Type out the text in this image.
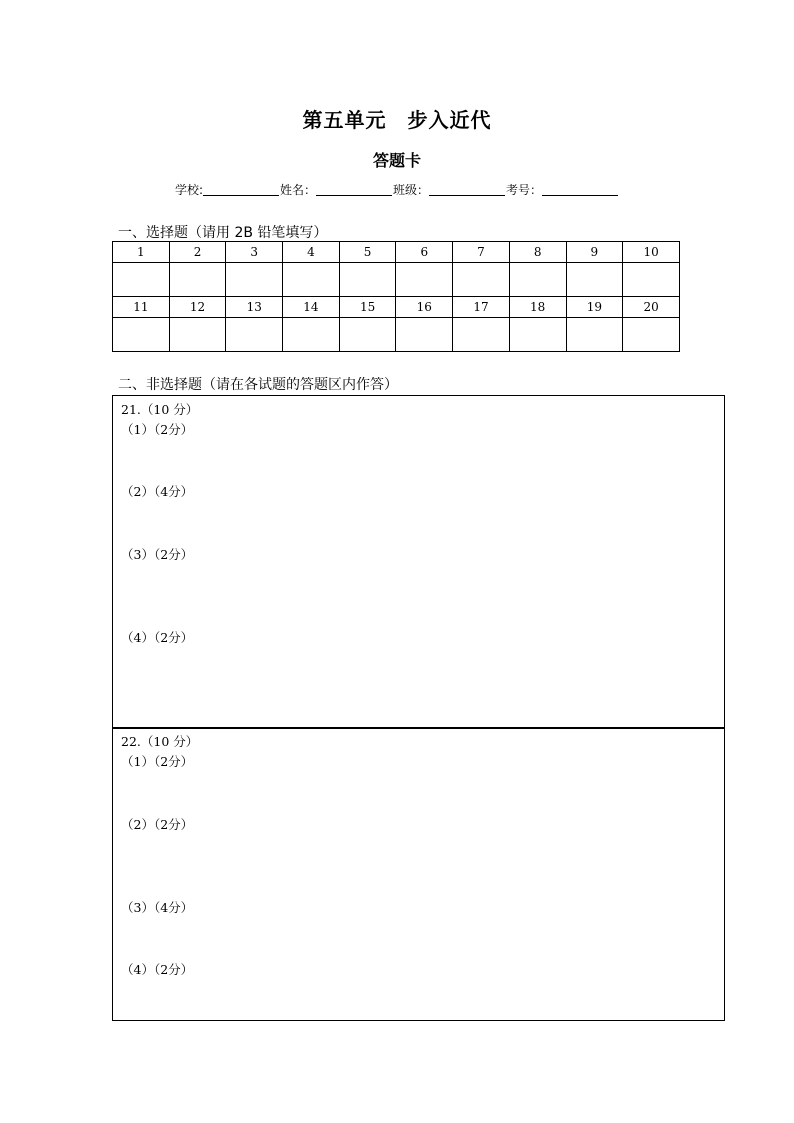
第五单元　步入近代
答题卡
学校:	姓名：	班级：	考号：
一、选择题（请用 2B 铅笔填写）
1	2	3	4	5	6	7	8	9	10

11	12	13	14	15	16	17	18	19	20

二、非选择题（请在各试题的答题区内作答）
21.（10 分）
（1）（2分）
（2）（4分）
（3）（2分）
（4）（2分）
22.（10 分）
（1）（2分）
（2）（2分）
（3）（4分）
（4）（2分）
